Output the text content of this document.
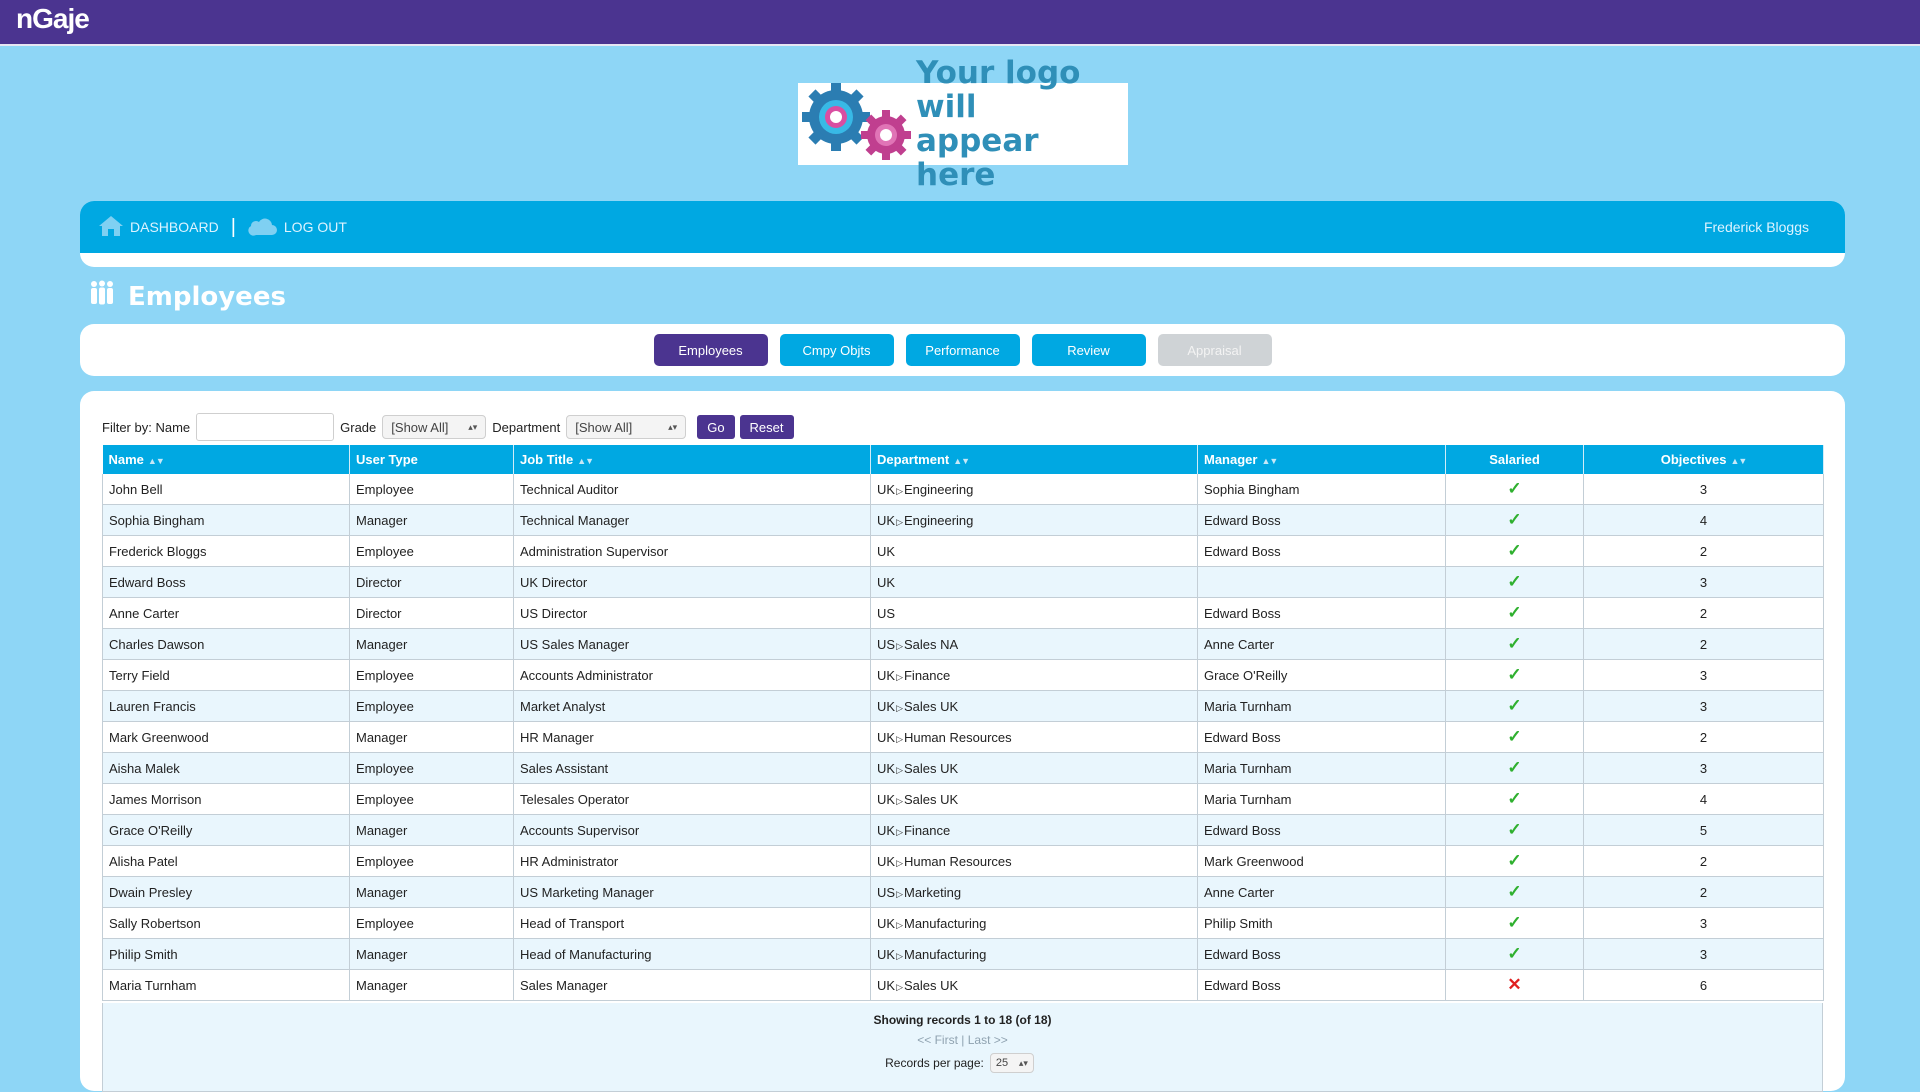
nGaje
Your logo will
appear here
DASHBOARD |	LOG OUT	Frederick Bloggs
Employees
Employees	Cmpy Objts	Performance	Review	Appraisal
Filter by: Name	Grade [Show All] ▴▾ Department [Show All]	▴▾	Go	Reset
Name ▲▼	User Type	Job Title ▲▼	Department ▲▼	Manager ▲▼	Salaried	Objectives ▲▼
John Bell	Employee	Technical Auditor	UK▷Engineering	Sophia Bingham	✓	3
Sophia Bingham	Manager	Technical Manager	UK▷Engineering	Edward Boss	✓	4
Frederick Bloggs	Employee	Administration Supervisor	UK	Edward Boss	✓	2
Edward Boss	Director	UK Director	UK		✓	3
Anne Carter	Director	US Director	US	Edward Boss	✓	2
Charles Dawson	Manager	US Sales Manager	US▷Sales NA	Anne Carter	✓	2
Terry Field	Employee	Accounts Administrator	UK▷Finance	Grace O'Reilly	✓	3
Lauren Francis	Employee	Market Analyst	UK▷Sales UK	Maria Turnham	✓	3
Mark Greenwood	Manager	HR Manager	UK▷Human Resources	Edward Boss	✓	2
Aisha Malek	Employee	Sales Assistant	UK▷Sales UK	Maria Turnham	✓	3
James Morrison	Employee	Telesales Operator	UK▷Sales UK	Maria Turnham	✓	4
Grace O'Reilly	Manager	Accounts Supervisor	UK▷Finance	Edward Boss	✓	5
Alisha Patel	Employee	HR Administrator	UK▷Human Resources	Mark Greenwood	✓	2
Dwain Presley	Manager	US Marketing Manager	US▷Marketing	Anne Carter	✓	2
Sally Robertson	Employee	Head of Transport	UK▷Manufacturing	Philip Smith	✓	3
Philip Smith	Manager	Head of Manufacturing	UK▷Manufacturing	Edward Boss	✓	3
Maria Turnham	Manager	Sales Manager	UK▷Sales UK	Edward Boss	✕	6
Showing records 1 to 18 (of 18)
<< First | Last >>
Records per page: 25 ▴▾
